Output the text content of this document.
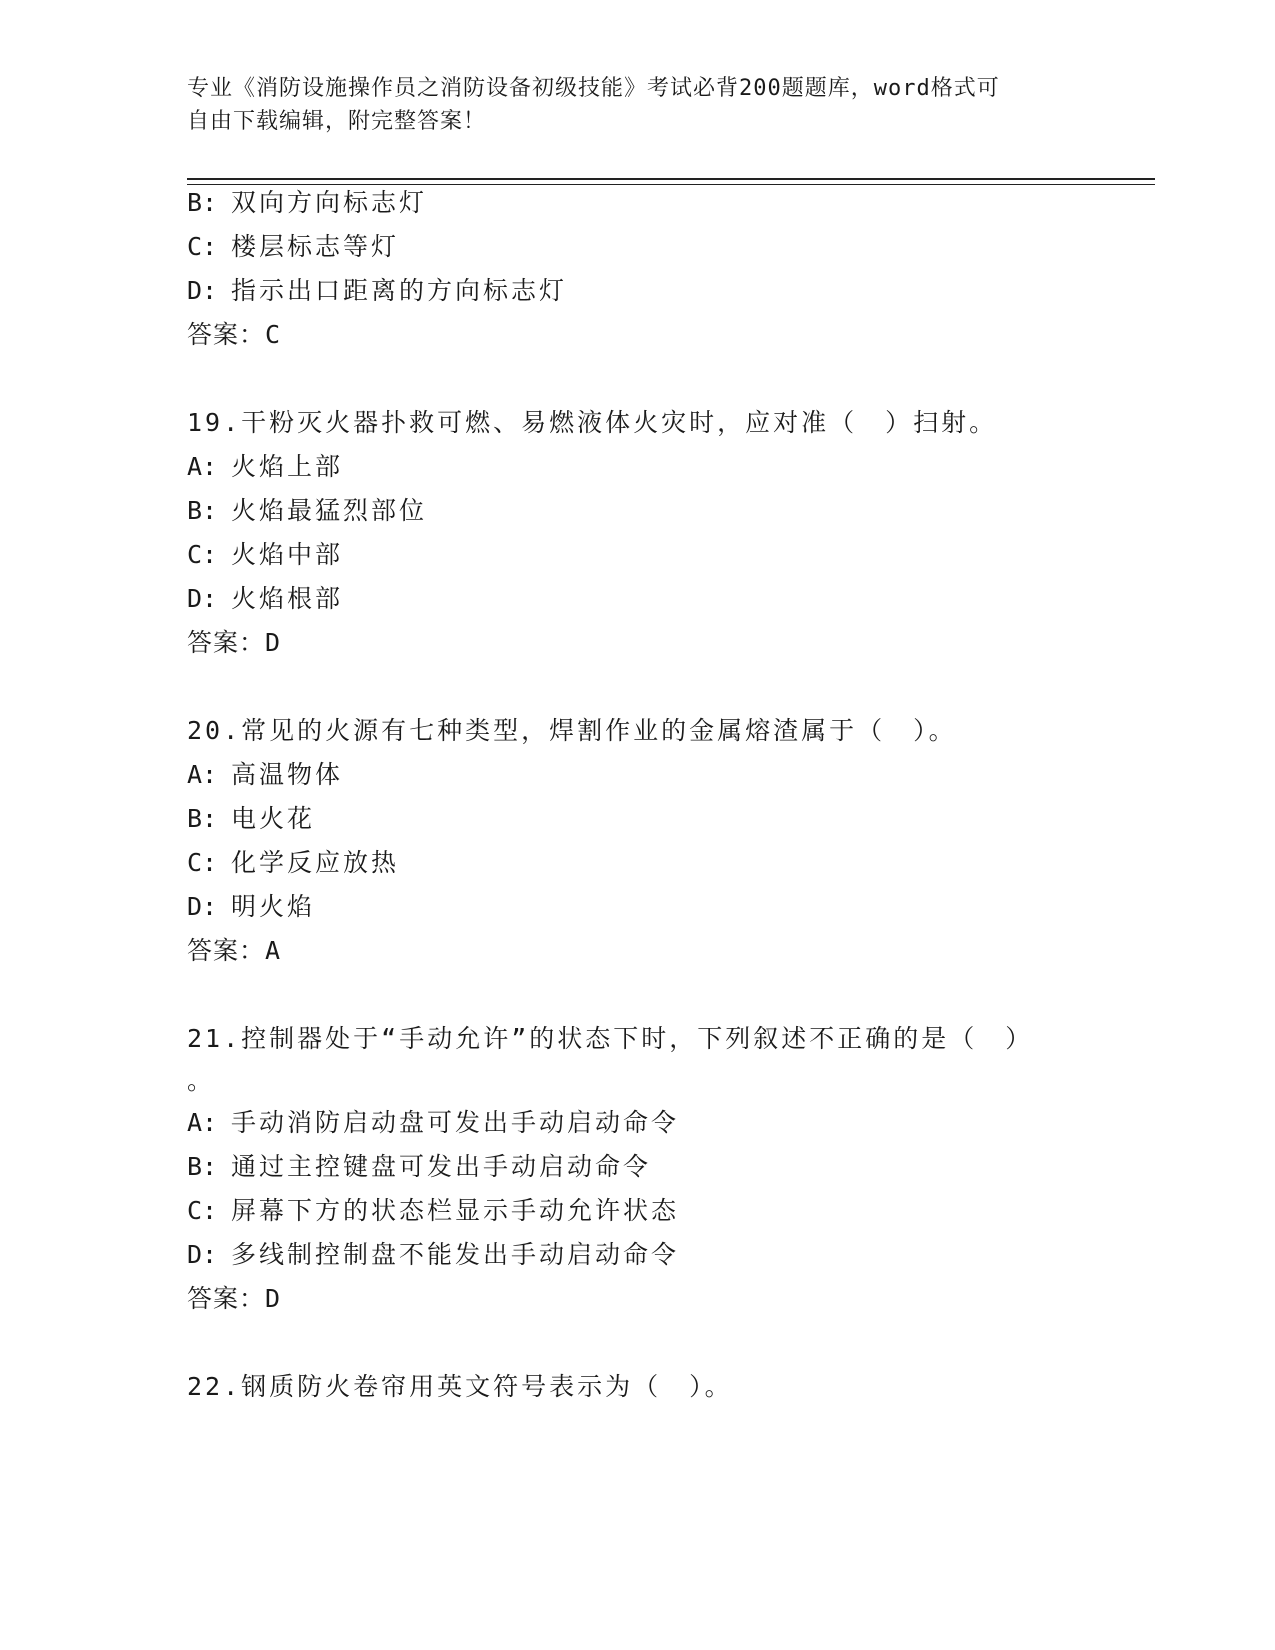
专业《消防设施操作员之消防设备初级技能》考试必背200题题库，word格式可
自由下载编辑，附完整答案！
B: 双向方向标志灯
C: 楼层标志等灯
D: 指示出口距离的方向标志灯
答案：C
19.干粉灭火器扑救可燃、易燃液体火灾时，应对准（　）扫射。
A: 火焰上部
B: 火焰最猛烈部位
C: 火焰中部
D: 火焰根部
答案：D
20.常见的火源有七种类型，焊割作业的金属熔渣属于（　）。
A: 高温物体
B: 电火花
C: 化学反应放热
D: 明火焰
答案：A
21.控制器处于“手动允许”的状态下时，下列叙述不正确的是（　）
。
A: 手动消防启动盘可发出手动启动命令
B: 通过主控键盘可发出手动启动命令
C: 屏幕下方的状态栏显示手动允许状态
D: 多线制控制盘不能发出手动启动命令
答案：D
22.钢质防火卷帘用英文符号表示为（　）。
